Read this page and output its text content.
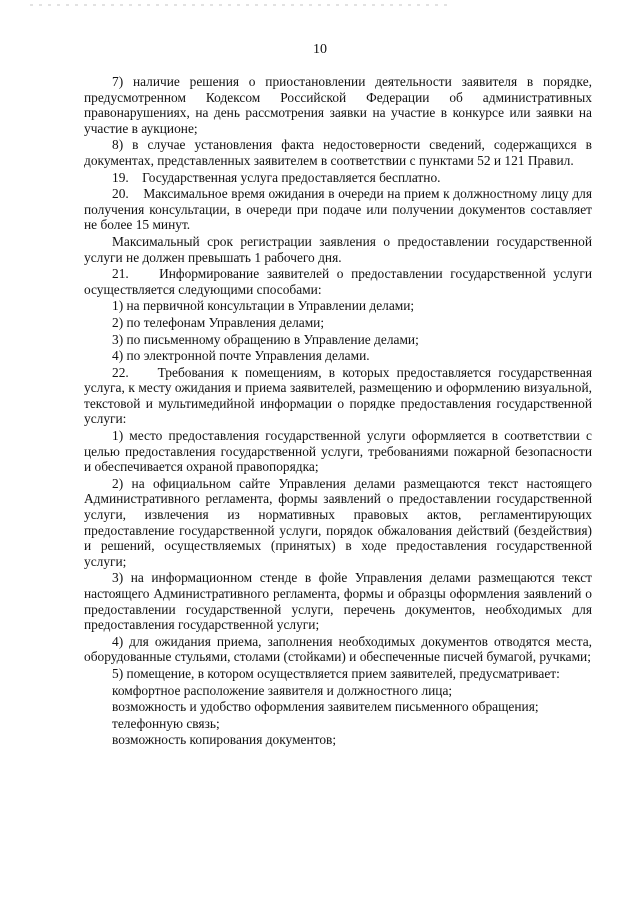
10

7) наличие решения о приостановлении деятельности заявителя в порядке, предусмотренном Кодексом Российской Федерации об административных правонарушениях, на день рассмотрения заявки на участие в конкурсе или заявки на участие в аукционе;

8) в случае установления факта недостоверности сведений, содержащихся в документах, представленных заявителем в соответствии с пунктами 52 и 121 Правил.

19.    Государственная услуга предоставляется бесплатно.

20.    Максимальное время ожидания в очереди на прием к должностному лицу для получения консультации, в очереди при подаче или получении документов составляет не более 15 минут.

Максимальный срок регистрации заявления о предоставлении государственной услуги не должен превышать 1 рабочего дня.

21.    Информирование заявителей о предоставлении государственной услуги осуществляется следующими способами:

1) на первичной консультации в Управлении делами;

2) по телефонам Управления делами;

3) по письменному обращению в Управление делами;

4) по электронной почте Управления делами.

22.    Требования к помещениям, в которых предоставляется государственная услуга, к месту ожидания и приема заявителей, размещению и оформлению визуальной, текстовой и мультимедийной информации о порядке предоставления государственной услуги:

1) место предоставления государственной услуги оформляется в соответствии с целью предоставления государственной услуги, требованиями пожарной безопасности и обеспечивается охраной правопорядка;

2) на официальном сайте Управления делами размещаются текст настоящего Административного регламента, формы заявлений о предоставлении государственной услуги, извлечения из нормативных правовых актов, регламентирующих предоставление государственной услуги, порядок обжалования действий (бездействия) и решений, осуществляемых (принятых) в ходе предоставления государственной услуги;

3) на информационном стенде в фойе Управления делами размещаются текст настоящего Административного регламента, формы и образцы оформления заявлений о предоставлении государственной услуги, перечень документов, необходимых для предоставления государственной услуги;

4) для ожидания приема, заполнения необходимых документов отводятся места, оборудованные стульями, столами (стойками) и обеспеченные писчей бумагой, ручками;

5) помещение, в котором осуществляется прием заявителей, предусматривает:

комфортное расположение заявителя и должностного лица;

возможность и удобство оформления заявителем письменного обращения;

телефонную связь;

возможность копирования документов;
